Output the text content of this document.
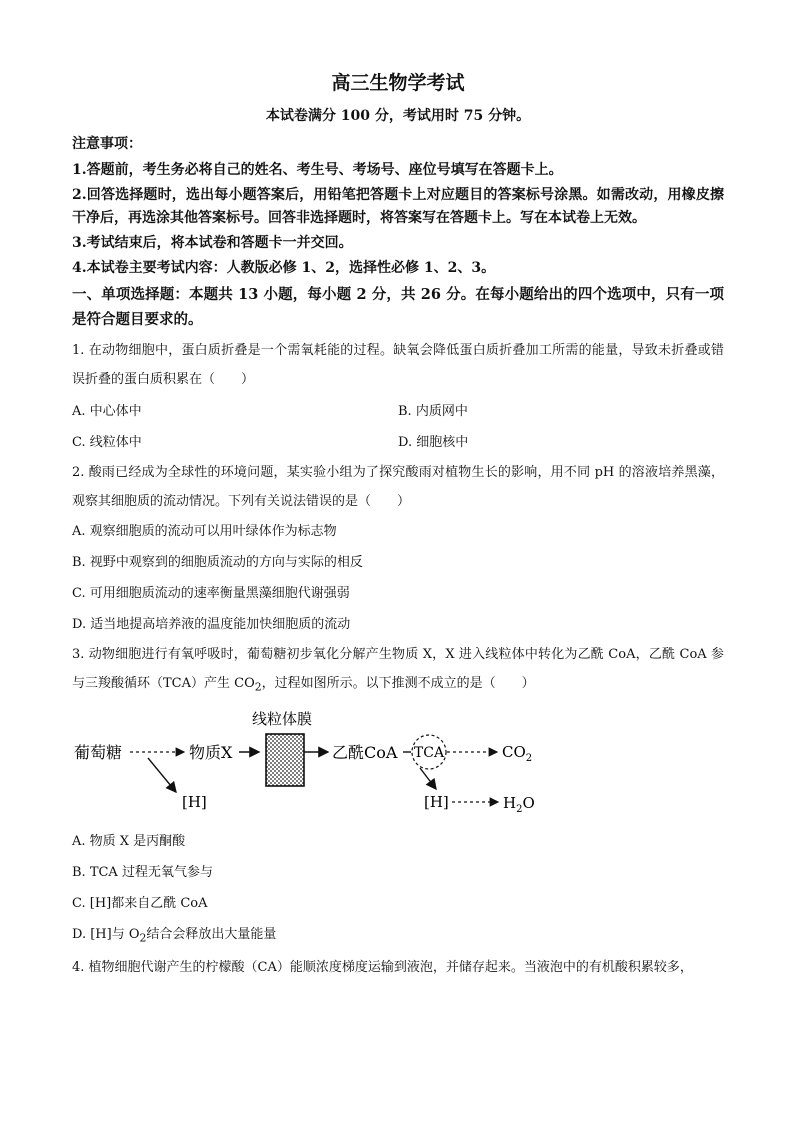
高三生物学考试
本试卷满分 100 分，考试用时 75 分钟。
注意事项：
1.答题前，考生务必将自己的姓名、考生号、考场号、座位号填写在答题卡上。
2.回答选择题时，选出每小题答案后，用铅笔把答题卡上对应题目的答案标号涂黑。如需改动，用橡皮擦干净后，再选涂其他答案标号。回答非选择题时，将答案写在答题卡上。写在本试卷上无效。
3.考试结束后，将本试卷和答题卡一并交回。
4.本试卷主要考试内容：人教版必修 1、2，选择性必修 1、2、3。
一、单项选择题：本题共 13 小题，每小题 2 分，共 26 分。在每小题给出的四个选项中，只有一项是符合题目要求的。
1. 在动物细胞中，蛋白质折叠是一个需氧耗能的过程。缺氧会降低蛋白质折叠加工所需的能量，导致未折叠或错误折叠的蛋白质积累在（　　）
A. 中心体中	B. 内质网中
C. 线粒体中	D. 细胞核中
2. 酸雨已经成为全球性的环境问题，某实验小组为了探究酸雨对植物生长的影响，用不同 pH 的溶液培养黑藻，观察其细胞质的流动情况。下列有关说法错误的是（　　）
A. 观察细胞质的流动可以用叶绿体作为标志物
B. 视野中观察到的细胞质流动的方向与实际的相反
C. 可用细胞质流动的速率衡量黑藻细胞代谢强弱
D. 适当地提高培养液的温度能加快细胞质的流动
3. 动物细胞进行有氧呼吸时，葡萄糖初步氧化分解产生物质 X，X 进入线粒体中转化为乙酰 CoA，乙酰 CoA 参与三羧酸循环（TCA）产生 $CO_2$，过程如图所示。以下推测不成立的是（　　）
线粒体膜
葡萄糖
[H]
物质X	乙酰CoA TCA	$CO_2$
[H]	$H_2O$
A. 物质 X 是丙酮酸
B. TCA 过程无氧气参与
C. [H]都来自乙酰 CoA
D. [H]与 $O_2$结合会释放出大量能量
4. 植物细胞代谢产生的柠檬酸（CA）能顺浓度梯度运输到液泡，并储存起来。当液泡中的有机酸积累较多，
